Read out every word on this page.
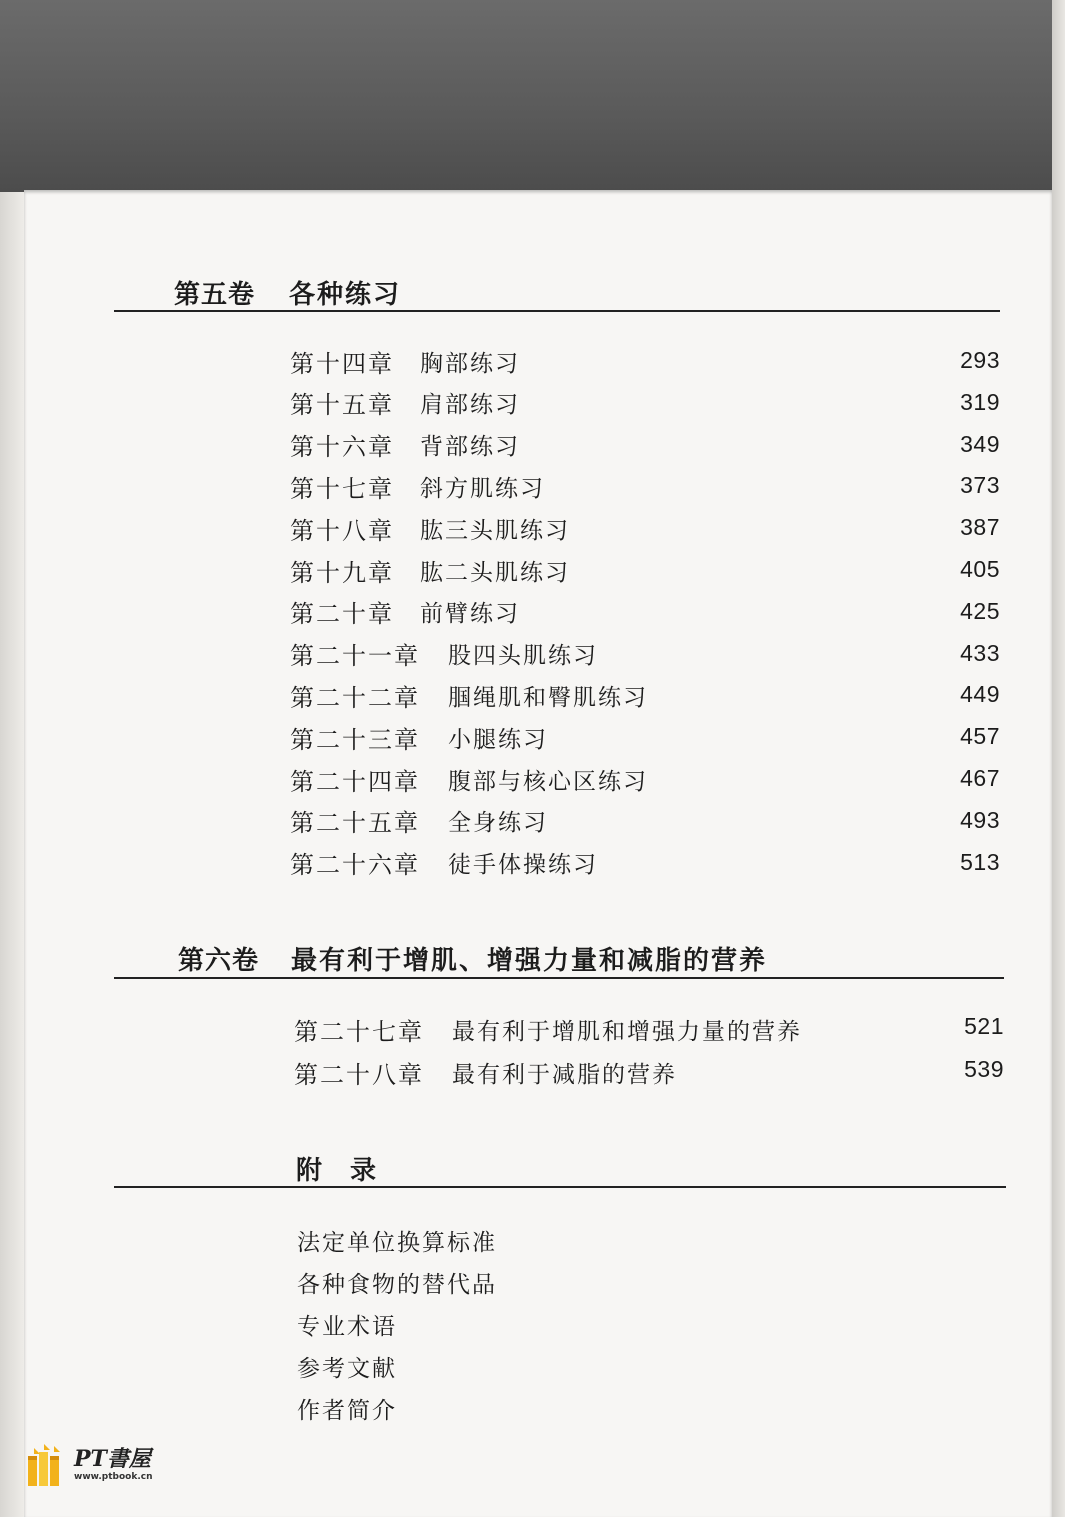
第五卷 各种练习
第十四章 胸部练习	293
第十五章 肩部练习	319
第十六章 背部练习	349
第十七章 斜方肌练习	373
第十八章 肱三头肌练习	387
第十九章 肱二头肌练习	405
第二十章 前臂练习	425
第二十一章 股四头肌练习	433
第二十二章 腘绳肌和臀肌练习	449
第二十三章 小腿练习	457
第二十四章 腹部与核心区练习	467
第二十五章 全身练习	493
第二十六章 徒手体操练习	513
第六卷 最有利于增肌、增强力量和减脂的营养
第二十七章 最有利于增肌和增强力量的营养	521
第二十八章 最有利于减脂的营养	539
附录
法定单位换算标准
各种食物的替代品
专业术语
参考文献
作者简介
PT書屋
www.ptbook.cn
